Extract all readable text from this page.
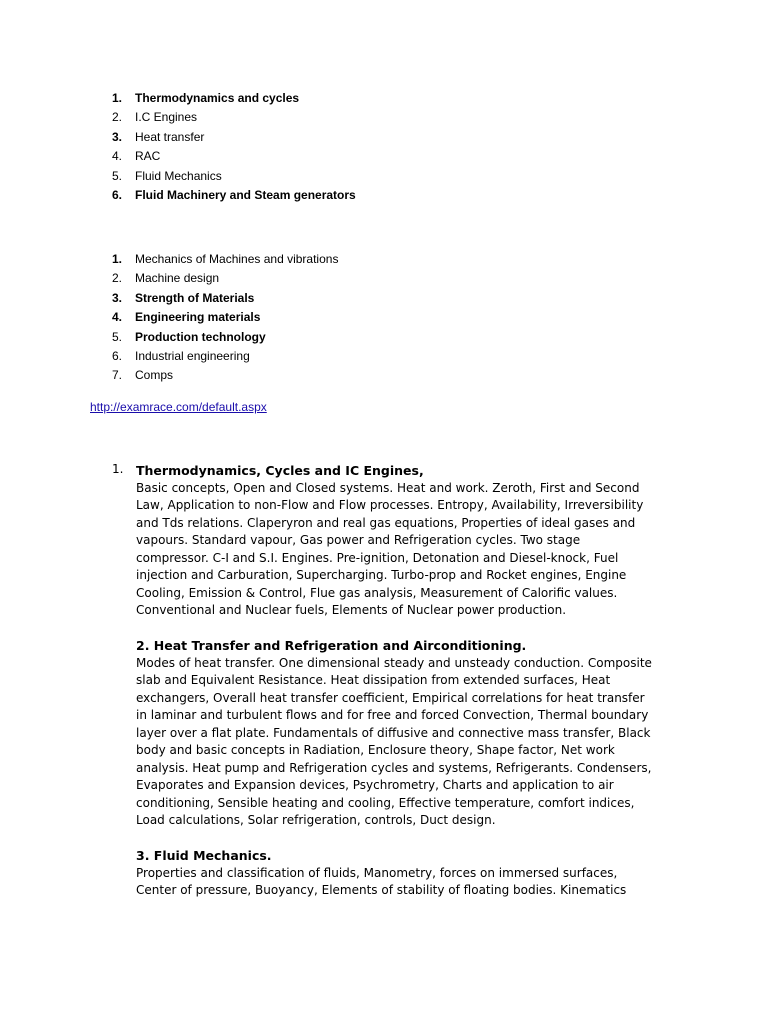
1.	Thermodynamics and cycles
2.	I.C Engines
3.	Heat transfer
4.	RAC
5.	Fluid Mechanics
6.	Fluid Machinery and Steam generators
1.	Mechanics of Machines and vibrations
2.	Machine design
3.	Strength of Materials
4.	Engineering materials
5.	Production technology
6.	Industrial engineering
7.	Comps
http://examrace.com/default.aspx
1. Thermodynamics, Cycles and IC Engines,
Basic concepts, Open and Closed systems. Heat and work. Zeroth, First and Second
Law, Application to non-Flow and Flow processes. Entropy, Availability, Irreversibility
and Tds relations. Claperyron and real gas equations, Properties of ideal gases and
vapours. Standard vapour, Gas power and Refrigeration cycles. Two stage
compressor. C-I and S.I. Engines. Pre-ignition, Detonation and Diesel-knock, Fuel
injection and Carburation, Supercharging. Turbo-prop and Rocket engines, Engine
Cooling, Emission & Control, Flue gas analysis, Measurement of Calorific values.
Conventional and Nuclear fuels, Elements of Nuclear power production.
2. Heat Transfer and Refrigeration and Airconditioning.
Modes of heat transfer. One dimensional steady and unsteady conduction. Composite
slab and Equivalent Resistance. Heat dissipation from extended surfaces, Heat
exchangers, Overall heat transfer coefficient, Empirical correlations for heat transfer
in laminar and turbulent flows and for free and forced Convection, Thermal boundary
layer over a flat plate. Fundamentals of diffusive and connective mass transfer, Black
body and basic concepts in Radiation, Enclosure theory, Shape factor, Net work
analysis. Heat pump and Refrigeration cycles and systems, Refrigerants. Condensers,
Evaporates and Expansion devices, Psychrometry, Charts and application to air
conditioning, Sensible heating and cooling, Effective temperature, comfort indices,
Load calculations, Solar refrigeration, controls, Duct design.
3. Fluid Mechanics.
Properties and classification of fluids, Manometry, forces on immersed surfaces,
Center of pressure, Buoyancy, Elements of stability of floating bodies. Kinematics
